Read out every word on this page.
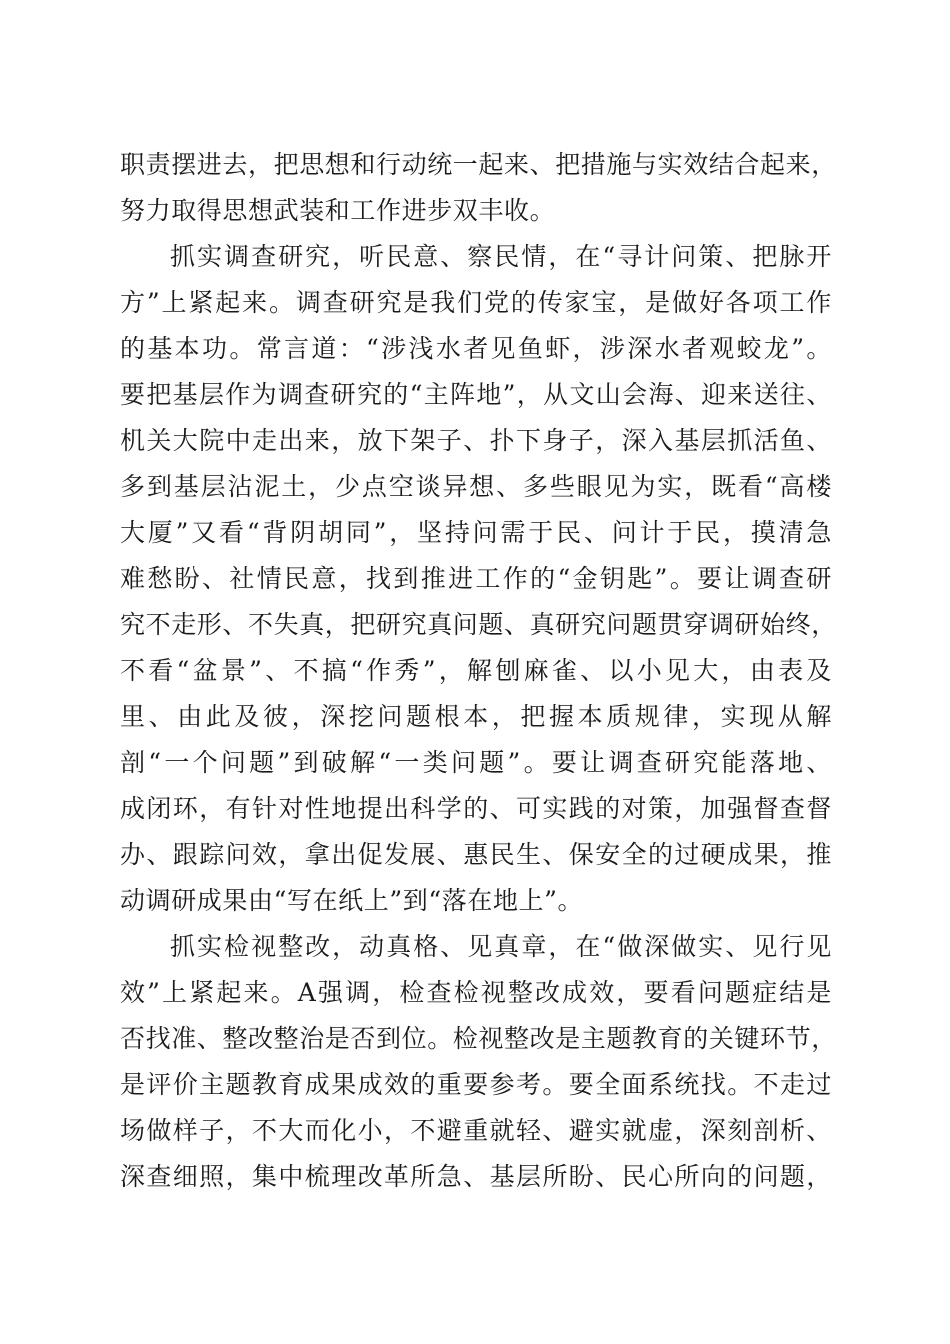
职责摆进去，把思想和行动统一起来、把措施与实效结合起来，
努力取得思想武装和工作进步双丰收。
抓实调查研究，听民意、察民情，在“寻计问策、把脉开
方”上紧起来。调查研究是我们党的传家宝，是做好各项工作
的基本功。常言道：“涉浅水者见鱼虾，涉深水者观蛟龙”。
要把基层作为调查研究的“主阵地”，从文山会海、迎来送往、
机关大院中走出来，放下架子、扑下身子，深入基层抓活鱼、
多到基层沾泥土，少点空谈异想、多些眼见为实，既看“高楼
大厦”又看“背阴胡同”，坚持问需于民、问计于民，摸清急
难愁盼、社情民意，找到推进工作的“金钥匙”。要让调查研
究不走形、不失真，把研究真问题、真研究问题贯穿调研始终，
不看“盆景”、不搞“作秀”，解刨麻雀、以小见大，由表及
里、由此及彼，深挖问题根本，把握本质规律，实现从解
剖“一个问题”到破解“一类问题”。要让调查研究能落地、
成闭环，有针对性地提出科学的、可实践的对策，加强督查督
办、跟踪问效，拿出促发展、惠民生、保安全的过硬成果，推
动调研成果由“写在纸上”到“落在地上”。
抓实检视整改，动真格、见真章，在“做深做实、见行见
效”上紧起来。A强调，检查检视整改成效，要看问题症结是
否找准、整改整治是否到位。检视整改是主题教育的关键环节，
是评价主题教育成果成效的重要参考。要全面系统找。不走过
场做样子，不大而化小，不避重就轻、避实就虚，深刻剖析、
深查细照，集中梳理改革所急、基层所盼、民心所向的问题，
